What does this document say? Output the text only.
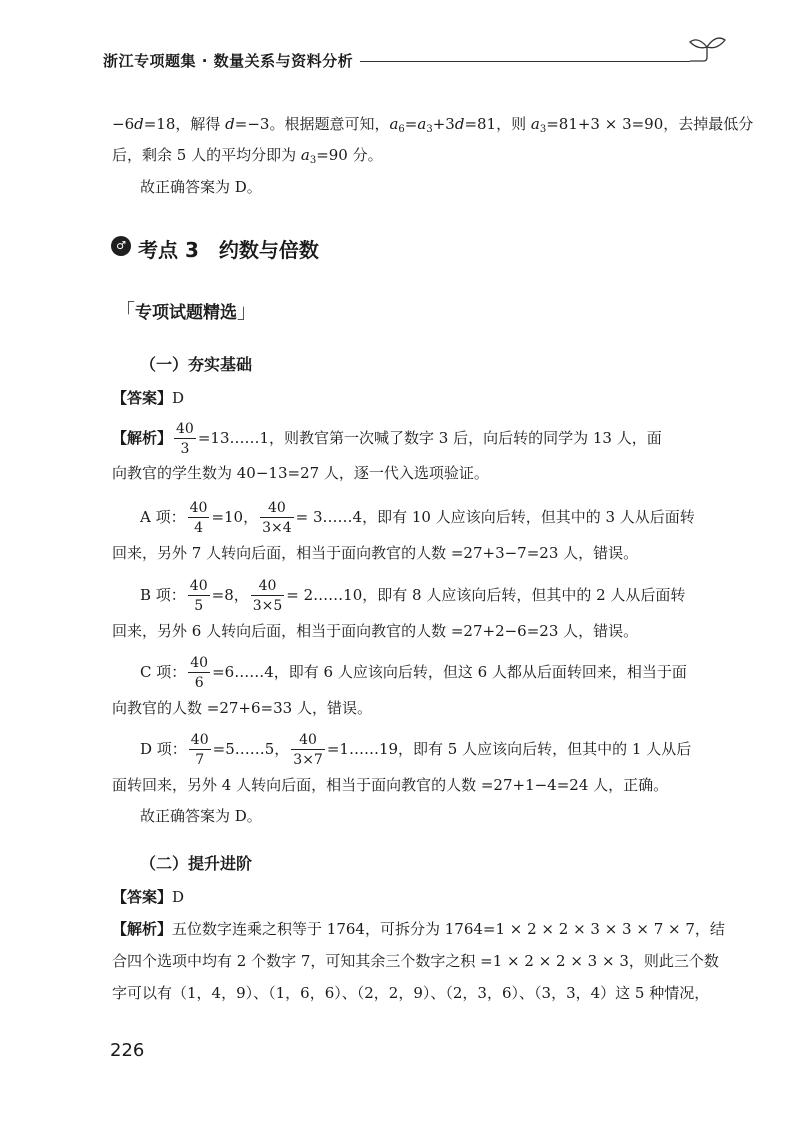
浙江专项题集 · 数量关系与资料分析
−6d=18，解得 d=−3。根据题意可知，$a_6=a_3+3d=81$，则 $a_3=81+3 \times 3=90$，去掉最低分
后，剩余 5 人的平均分即为 $a_3=90$ 分。
故正确答案为 D。
♂ 考点 3　约数与倍数
「专项试题精选」
（一）夯实基础
【答案】D
【解析】 $\frac{40}{3}$ =13……1，则教官第一次喊了数字 3 后，向后转的同学为 13 人，面
向教官的学生数为 40−13=27 人，逐一代入选项验证。
A 项： $\frac{40}{4} =10$， $\frac{40}{3\times 4}$ = 3……4，即有 10 人应该向后转，但其中的 3 人从后面转
回来，另外 7 人转向后面，相当于面向教官的人数 =27+3−7=23 人，错误。
B 项： $\frac{40}{5} =8$， $\frac{40}{3\times 5}$ = 2……10，即有 8 人应该向后转，但其中的 2 人从后面转
回来，另外 6 人转向后面，相当于面向教官的人数 =27+2−6=23 人，错误。
C 项： $\frac{40}{6}$ =6……4，即有 6 人应该向后转，但这 6 人都从后面转回来，相当于面
向教官的人数 =27+6=33 人，错误。
D 项： $\frac{40}{7}$ =5……5， $\frac{40}{3\times 7}$ =1……19，即有 5 人应该向后转，但其中的 1 人从后
面转回来，另外 4 人转向后面，相当于面向教官的人数 =27+1−4=24 人，正确。
故正确答案为 D。
（二）提升进阶
【答案】D
【解析】五位数字连乘之积等于 1764，可拆分为 1764=1 × 2 × 2 × 3 × 3 × 7 × 7，结
合四个选项中均有 2 个数字 7，可知其余三个数字之积 =1 × 2 × 2 × 3 × 3，则此三个数
字可以有（1，4，9）、（1，6，6）、（2，2，9）、（2，3，6）、（3，3，4）这 5 种情况，
226
